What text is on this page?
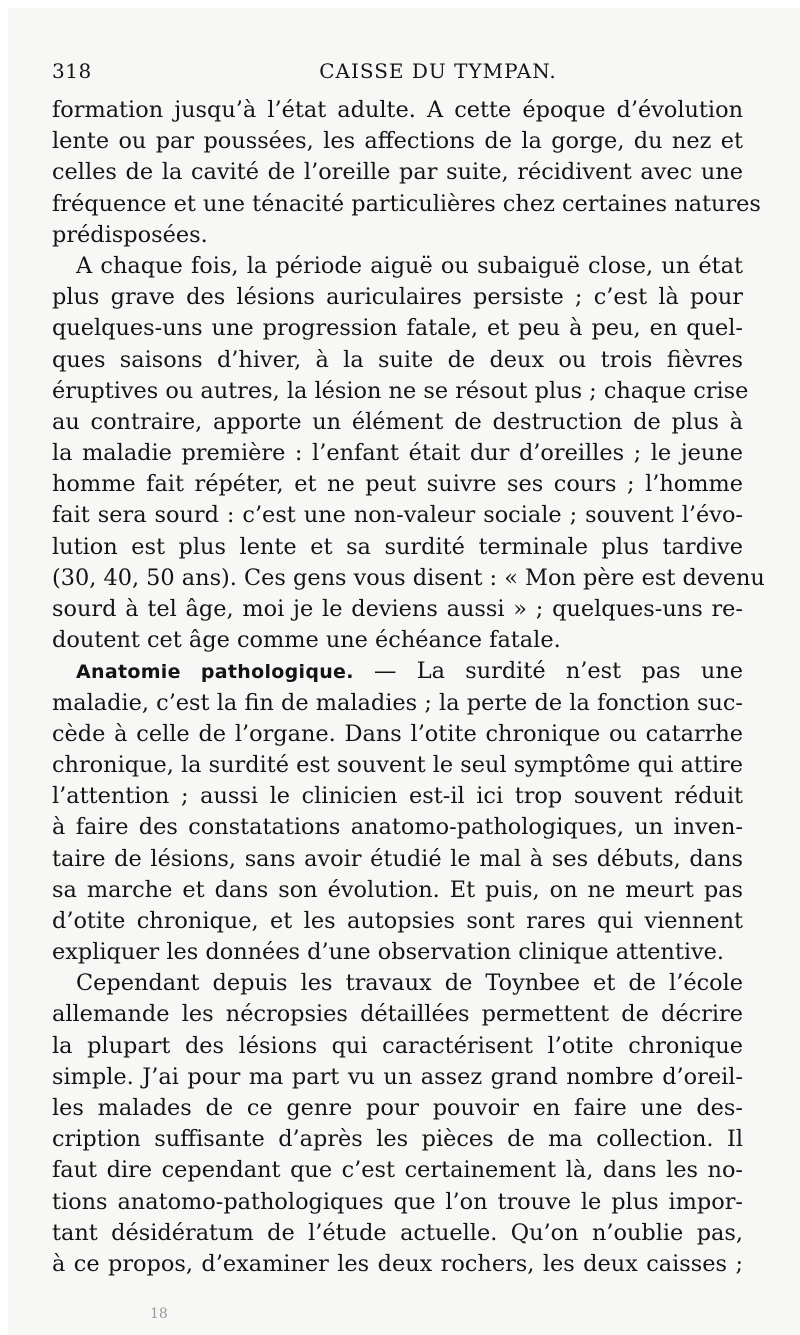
318	CAISSE DU TYMPAN.
formation jusqu’à l’état adulte. A cette époque d’évolution
lente ou par poussées, les affections de la gorge, du nez et
celles de la cavité de l’oreille par suite, récidivent avec une
fréquence et une ténacité particulières chez certaines natures
prédisposées.
A chaque fois, la période aiguë ou subaiguë close, un état
plus grave des lésions auriculaires persiste ; c’est là pour
quelques-uns une progression fatale, et peu à peu, en quel-
ques saisons d’hiver, à la suite de deux ou trois fièvres
éruptives ou autres, la lésion ne se résout plus ; chaque crise
au contraire, apporte un élément de destruction de plus à
la maladie première : l’enfant était dur d’oreilles ; le jeune
homme fait répéter, et ne peut suivre ses cours ; l’homme
fait sera sourd : c’est une non-valeur sociale ; souvent l’évo-
lution est plus lente et sa surdité terminale plus tardive
(30, 40, 50 ans). Ces gens vous disent : « Mon père est devenu
sourd à tel âge, moi je le deviens aussi » ; quelques-uns re-
doutent cet âge comme une échéance fatale.
Anatomie pathologique. — La surdité n’est pas une
maladie, c’est la fin de maladies ; la perte de la fonction suc-
cède à celle de l’organe. Dans l’otite chronique ou catarrhe
chronique, la surdité est souvent le seul symptôme qui attire
l’attention ; aussi le clinicien est-il ici trop souvent réduit
à faire des constatations anatomo-pathologiques, un inven-
taire de lésions, sans avoir étudié le mal à ses débuts, dans
sa marche et dans son évolution. Et puis, on ne meurt pas
d’otite chronique, et les autopsies sont rares qui viennent
expliquer les données d’une observation clinique attentive.
Cependant depuis les travaux de Toynbee et de l’école
allemande les nécropsies détaillées permettent de décrire
la plupart des lésions qui caractérisent l’otite chronique
simple. J’ai pour ma part vu un assez grand nombre d’oreil-
les malades de ce genre pour pouvoir en faire une des-
cription suffisante d’après les pièces de ma collection. Il
faut dire cependant que c’est certainement là, dans les no-
tions anatomo-pathologiques que l’on trouve le plus impor-
tant désidératum de l’étude actuelle. Qu’on n’oublie pas,
à ce propos, d’examiner les deux rochers, les deux caisses ;
18
